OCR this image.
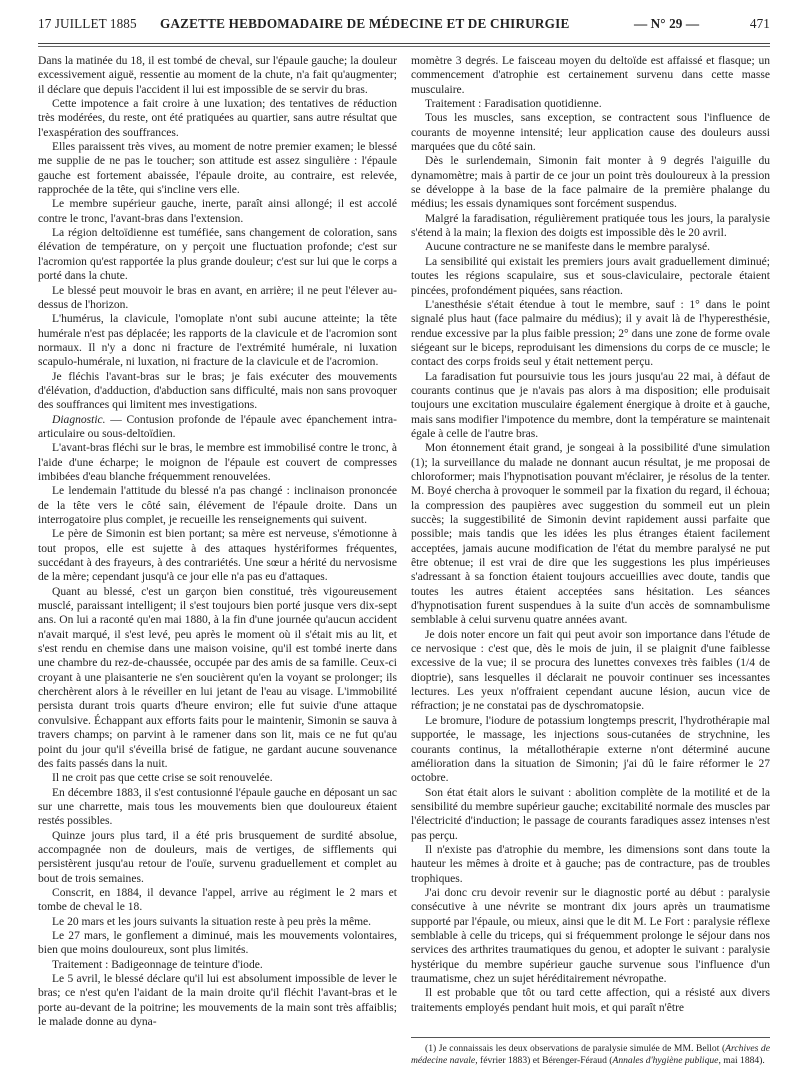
17 JUILLET 1885 GAZETTE HEBDOMADAIRE DE MÉDECINE ET DE CHIRURGIE	— N° 29 —	471

Dans la matinée du 18, il est tombé de cheval, sur l'épaule gauche; la douleur excessivement aiguë, ressentie au moment de la chute, n'a fait qu'augmenter; il déclare que depuis l'accident il lui est impossible de se servir du bras.

Cette impotence a fait croire à une luxation; des tentatives de réduction très modérées, du reste, ont été pratiquées au quartier, sans autre résultat que l'exaspération des souffrances.

Elles paraissent très vives, au moment de notre premier examen; le blessé me supplie de ne pas le toucher; son attitude est assez singulière : l'épaule gauche est fortement abaissée, l'épaule droite, au contraire, est relevée, rapprochée de la tête, qui s'incline vers elle.

Le membre supérieur gauche, inerte, paraît ainsi allongé; il est accolé contre le tronc, l'avant-bras dans l'extension.

La région deltoïdienne est tuméfiée, sans changement de coloration, sans élévation de température, on y perçoit une fluctuation profonde; c'est sur l'acromion qu'est rapportée la plus grande douleur; c'est sur lui que le corps a porté dans la chute.

Le blessé peut mouvoir le bras en avant, en arrière; il ne peut l'élever au-dessus de l'horizon.

L'humérus, la clavicule, l'omoplate n'ont subi aucune atteinte; la tête humérale n'est pas déplacée; les rapports de la clavicule et de l'acromion sont normaux. Il n'y a donc ni fracture de l'extrémité humérale, ni luxation scapulo-humérale, ni luxation, ni fracture de la clavicule et de l'acromion.

Je fléchis l'avant-bras sur le bras; je fais exécuter des mouvements d'élévation, d'adduction, d'abduction sans difficulté, mais non sans provoquer des souffrances qui limitent mes investigations.

Diagnostic. — Contusion profonde de l'épaule avec épanchement intra-articulaire ou sous-deltoïdien.

L'avant-bras fléchi sur le bras, le membre est immobilisé contre le tronc, à l'aide d'une écharpe; le moignon de l'épaule est couvert de compresses imbibées d'eau blanche fréquemment renouvelées.

Le lendemain l'attitude du blessé n'a pas changé : inclinaison prononcée de la tête vers le côté sain, élévement de l'épaule droite. Dans un interrogatoire plus complet, je recueille les renseignements qui suivent.

Le père de Simonin est bien portant; sa mère est nerveuse, s'émotionne à tout propos, elle est sujette à des attaques hystériformes fréquentes, succédant à des frayeurs, à des contrariétés. Une sœur a hérité du nervosisme de la mère; cependant jusqu'à ce jour elle n'a pas eu d'attaques.

Quant au blessé, c'est un garçon bien constitué, très vigoureusement musclé, paraissant intelligent; il s'est toujours bien porté jusque vers dix-sept ans. On lui a raconté qu'en mai 1880, à la fin d'une journée qu'aucun accident n'avait marqué, il s'est levé, peu après le moment où il s'était mis au lit, et s'est rendu en chemise dans une maison voisine, qu'il est tombé inerte dans une chambre du rez-de-chaussée, occupée par des amis de sa famille. Ceux-ci croyant à une plaisanterie ne s'en soucièrent qu'en la voyant se prolonger; ils cherchèrent alors à le réveiller en lui jetant de l'eau au visage. L'immobilité persista durant trois quarts d'heure environ; elle fut suivie d'une attaque convulsive. Échappant aux efforts faits pour le maintenir, Simonin se sauva à travers champs; on parvint à le ramener dans son lit, mais ce ne fut qu'au point du jour qu'il s'éveilla brisé de fatigue, ne gardant aucune souvenance des faits passés dans la nuit.

Il ne croit pas que cette crise se soit renouvelée.

En décembre 1883, il s'est contusionné l'épaule gauche en déposant un sac sur une charrette, mais tous les mouvements bien que douloureux étaient restés possibles.

Quinze jours plus tard, il a été pris brusquement de surdité absolue, accompagnée non de douleurs, mais de vertiges, de sifflements qui persistèrent jusqu'au retour de l'ouïe, survenu graduellement et complet au bout de trois semaines.

Conscrit, en 1884, il devance l'appel, arrive au régiment le 2 mars et tombe de cheval le 18.

Le 20 mars et les jours suivants la situation reste à peu près la même.

Le 27 mars, le gonflement a diminué, mais les mouvements volontaires, bien que moins douloureux, sont plus limités.

Traitement : Badigeonnage de teinture d'iode.

Le 5 avril, le blessé déclare qu'il lui est absolument impossible de lever le bras; ce n'est qu'en l'aidant de la main droite qu'il fléchit l'avant-bras et le porte au-devant de la poitrine; les mouvements de la main sont très affaiblis; le malade donne au dyna-

momètre 3 degrés. Le faisceau moyen du deltoïde est affaissé et flasque; un commencement d'atrophie est certainement survenu dans cette masse musculaire.

Traitement : Faradisation quotidienne.

Tous les muscles, sans exception, se contractent sous l'influence de courants de moyenne intensité; leur application cause des douleurs aussi marquées que du côté sain.

Dès le surlendemain, Simonin fait monter à 9 degrés l'aiguille du dynamomètre; mais à partir de ce jour un point très douloureux à la pression se développe à la base de la face palmaire de la première phalange du médius; les essais dynamiques sont forcément suspendus.

Malgré la faradisation, régulièrement pratiquée tous les jours, la paralysie s'étend à la main; la flexion des doigts est impossible dès le 20 avril.

Aucune contracture ne se manifeste dans le membre paralysé.

La sensibilité qui existait les premiers jours avait graduellement diminué; toutes les régions scapulaire, sus et sous-claviculaire, pectorale étaient pincées, profondément piquées, sans réaction.

L'anesthésie s'était étendue à tout le membre, sauf : 1° dans le point signalé plus haut (face palmaire du médius); il y avait là de l'hyperesthésie, rendue excessive par la plus faible pression; 2° dans une zone de forme ovale siégeant sur le biceps, reproduisant les dimensions du corps de ce muscle; le contact des corps froids seul y était nettement perçu.

La faradisation fut poursuivie tous les jours jusqu'au 22 mai, à défaut de courants continus que je n'avais pas alors à ma disposition; elle produisait toujours une excitation musculaire également énergique à droite et à gauche, mais sans modifier l'impotence du membre, dont la température se maintenait égale à celle de l'autre bras.

Mon étonnement était grand, je songeai à la possibilité d'une simulation (1); la surveillance du malade ne donnant aucun résultat, je me proposai de chloroformer; mais l'hypnotisation pouvant m'éclairer, je résolus de la tenter. M. Boyé chercha à provoquer le sommeil par la fixation du regard, il échoua; la compression des paupières avec suggestion du sommeil eut un plein succès; la suggestibilité de Simonin devint rapidement aussi parfaite que possible; mais tandis que les idées les plus étranges étaient facilement acceptées, jamais aucune modification de l'état du membre paralysé ne put être obtenue; il est vrai de dire que les suggestions les plus impérieuses s'adressant à sa fonction étaient toujours accueillies avec doute, tandis que toutes les autres étaient acceptées sans hésitation. Les séances d'hypnotisation furent suspendues à la suite d'un accès de somnambulisme semblable à celui survenu quatre années avant.

Je dois noter encore un fait qui peut avoir son importance dans l'étude de ce nervosique : c'est que, dès le mois de juin, il se plaignit d'une faiblesse excessive de la vue; il se procura des lunettes convexes très faibles (1/4 de dioptrie), sans lesquelles il déclarait ne pouvoir continuer ses incessantes lectures. Les yeux n'offraient cependant aucune lésion, aucun vice de réfraction; je ne constatai pas de dyschromatopsie.

Le bromure, l'iodure de potassium longtemps prescrit, l'hydrothérapie mal supportée, le massage, les injections sous-cutanées de strychnine, les courants continus, la métallothérapie externe n'ont déterminé aucune amélioration dans la situation de Simonin; j'ai dû le faire réformer le 27 octobre.

Son état était alors le suivant : abolition complète de la motilité et de la sensibilité du membre supérieur gauche; excitabilité normale des muscles par l'électricité d'induction; le passage de courants faradiques assez intenses n'est pas perçu.

Il n'existe pas d'atrophie du membre, les dimensions sont dans toute la hauteur les mêmes à droite et à gauche; pas de contracture, pas de troubles trophiques.

J'ai donc cru devoir revenir sur le diagnostic porté au début : paralysie consécutive à une névrite se montrant dix jours après un traumatisme supporté par l'épaule, ou mieux, ainsi que le dit M. Le Fort : paralysie réflexe semblable à celle du triceps, qui si fréquemment prolonge le séjour dans nos services des arthrites traumatiques du genou, et adopter le suivant : paralysie hystérique du membre supérieur gauche survenue sous l'influence d'un traumatisme, chez un sujet héréditairement névropathe.

Il est probable que tôt ou tard cette affection, qui a résisté aux divers traitements employés pendant huit mois, et qui paraît n'être

(1) Je connaissais les deux observations de paralysie simulée de MM. Bellot (Archives de médecine navale, février 1883) et Bérenger-Féraud (Annales d'hygiène publique, mai 1884).
